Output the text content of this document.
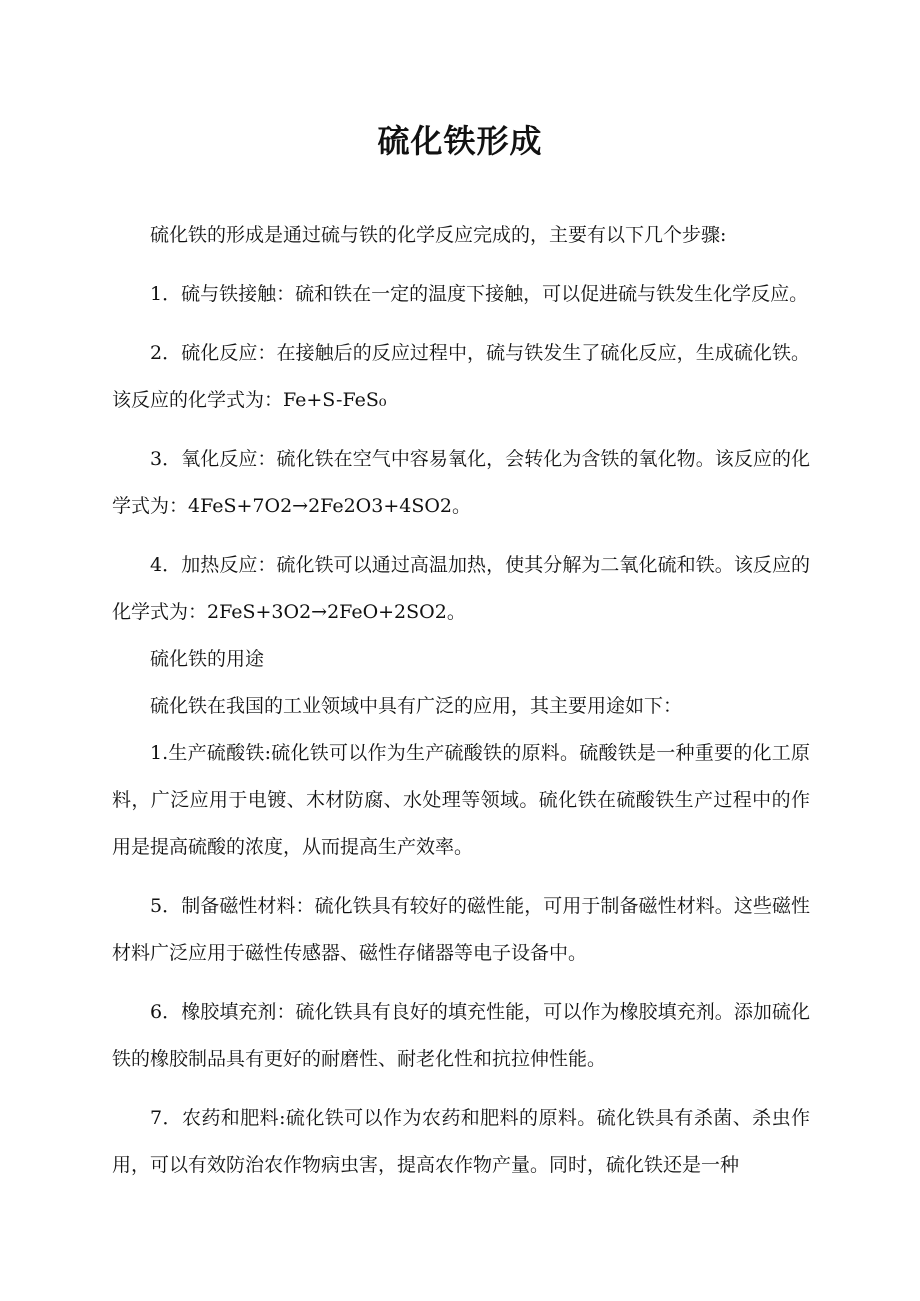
硫化铁形成

硫化铁的形成是通过硫与铁的化学反应完成的，主要有以下几个步骤:

1．硫与铁接触：硫和铁在一定的温度下接触，可以促进硫与铁发生化学反应。

2．硫化反应：在接触后的反应过程中，硫与铁发生了硫化反应，生成硫化铁。该反应的化学式为：Fe+S-FeS₀

3．氧化反应：硫化铁在空气中容易氧化，会转化为含铁的氧化物。该反应的化学式为：4FeS+7O2→2Fe2O3+4SO2。

4．加热反应：硫化铁可以通过高温加热，使其分解为二氧化硫和铁。该反应的化学式为：2FeS+3O2→2FeO+2SO2。

硫化铁的用途

硫化铁在我国的工业领域中具有广泛的应用，其主要用途如下：

1.生产硫酸铁:硫化铁可以作为生产硫酸铁的原料。硫酸铁是一种重要的化工原料，广泛应用于电镀、木材防腐、水处理等领域。硫化铁在硫酸铁生产过程中的作用是提高硫酸的浓度，从而提高生产效率。

5．制备磁性材料：硫化铁具有较好的磁性能，可用于制备磁性材料。这些磁性材料广泛应用于磁性传感器、磁性存储器等电子设备中。

6．橡胶填充剂：硫化铁具有良好的填充性能，可以作为橡胶填充剂。添加硫化铁的橡胶制品具有更好的耐磨性、耐老化性和抗拉伸性能。

7．农药和肥料:硫化铁可以作为农药和肥料的原料。硫化铁具有杀菌、杀虫作用，可以有效防治农作物病虫害，提高农作物产量。同时，硫化铁还是一种
